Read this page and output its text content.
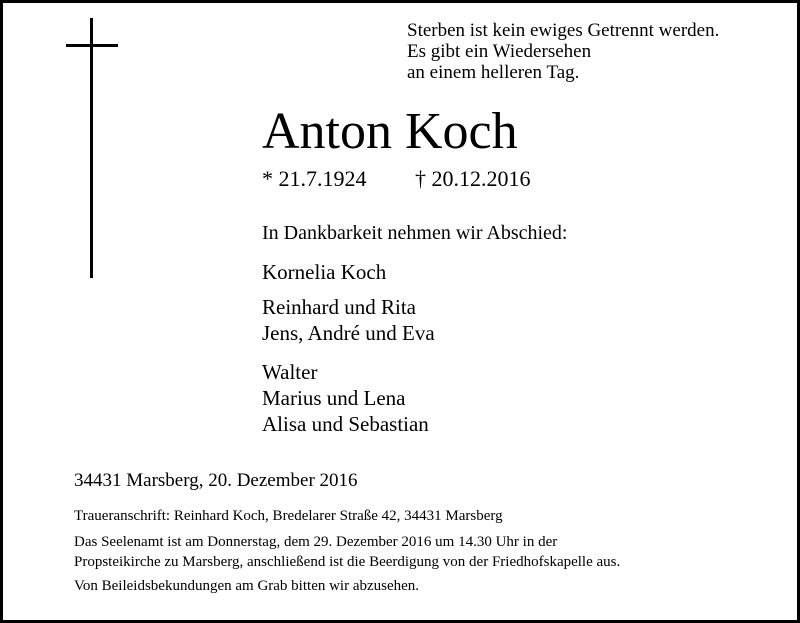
Sterben ist kein ewiges Getrennt werden.
Es gibt ein Wiedersehen
an einem helleren Tag.
Anton Koch
* 21.7.1924 † 20.12.2016
In Dankbarkeit nehmen wir Abschied:
Kornelia Koch
Reinhard und Rita
Jens, André und Eva
Walter
Marius und Lena
Alisa und Sebastian
34431 Marsberg, 20. Dezember 2016
Traueranschrift: Reinhard Koch, Bredelarer Straße 42, 34431 Marsberg
Das Seelenamt ist am Donnerstag, dem 29. Dezember 2016 um 14.30 Uhr in der
Propsteikirche zu Marsberg, anschließend ist die Beerdigung von der Friedhofskapelle aus.
Von Beileidsbekundungen am Grab bitten wir abzusehen.
